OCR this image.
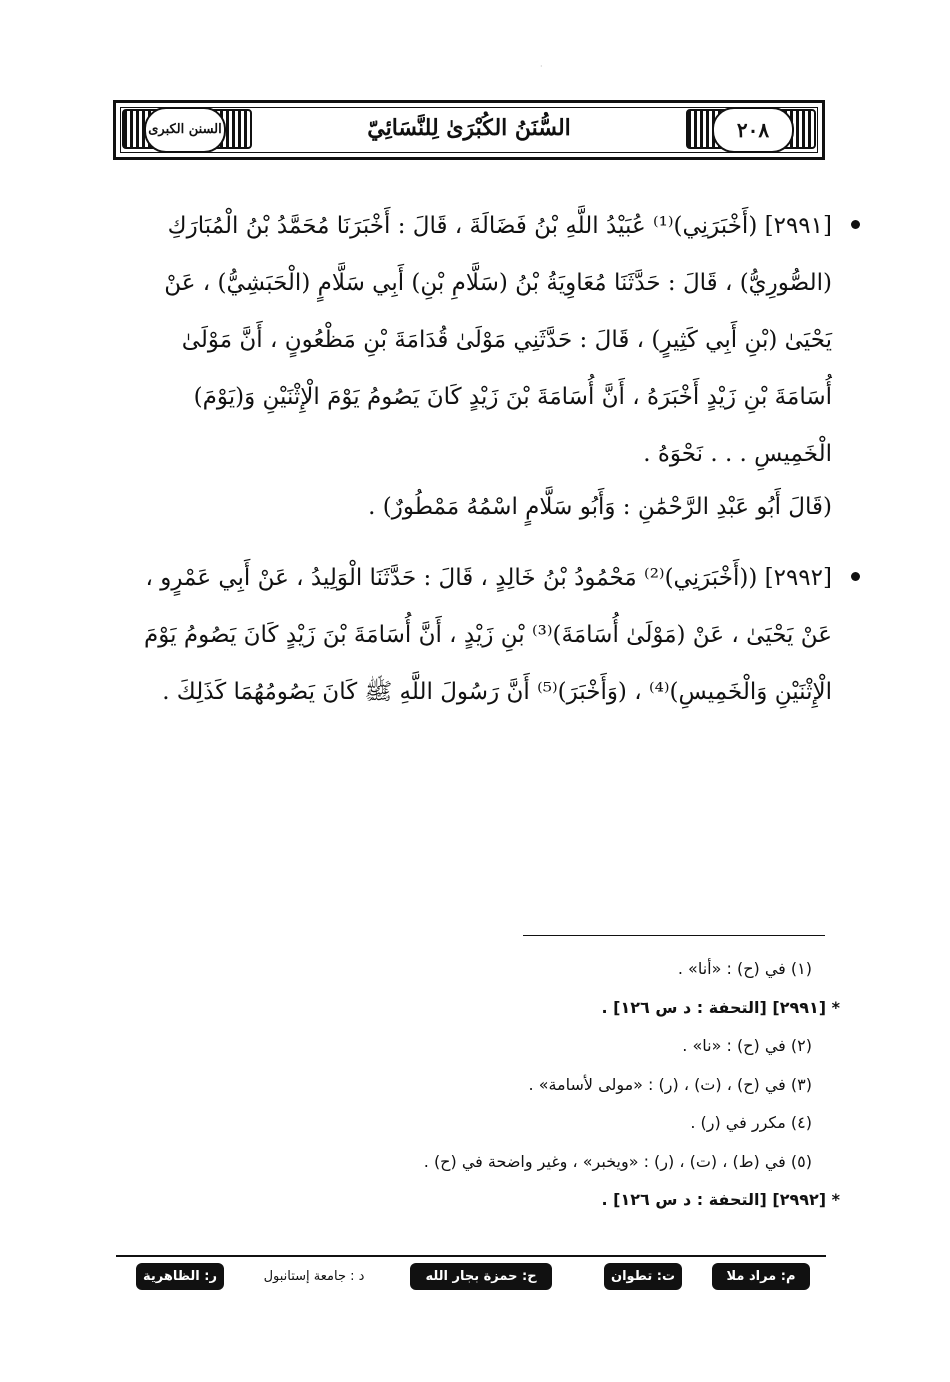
·
السنن الكبرى	٢٠٨
السُّنَنُ الكُبْرَىٰ لِلنَّسَائِيّ
[٢٩٩١] (أَخْبَرَنِي)⁽¹⁾ عُبَيْدُ اللَّهِ بْنُ فَضَالَةَ ، قَالَ : أَخْبَرَنَا مُحَمَّدُ بْنُ الْمُبَارَكِ
(الصُّورِيُّ) ، قَالَ : حَدَّثَنَا مُعَاوِيَةُ بْنُ (سَلَّامِ بْنِ) أَبِي سَلَّامٍ (الْحَبَشِيُّ) ، عَنْ
يَحْيَىٰ (بْنِ أَبِي كَثِيرٍ) ، قَالَ : حَدَّثَنِي مَوْلَىٰ قُدَامَةَ بْنِ مَظْعُونٍ ، أَنَّ مَوْلَىٰ
أُسَامَةَ بْنِ زَيْدٍ أَخْبَرَهُ ، أَنَّ أُسَامَةَ بْنَ زَيْدٍ كَانَ يَصُومُ يَوْمَ الْإِثْنَيْنِ وَ(يَوْمَ)
الْخَمِيسِ . . . نَحْوَهُ .
(قَالَ أَبُو عَبْدِ الرَّحْمَٰنِ : وَأَبُو سَلَّامٍ اسْمُهُ مَمْطُورٌ) .
[٢٩٩٢] ((أَخْبَرَنِي)⁽²⁾ مَحْمُودُ بْنُ خَالِدٍ ، قَالَ : حَدَّثَنَا الْوَلِيدُ ، عَنْ أَبِي عَمْرٍو ،
عَنْ يَحْيَىٰ ، عَنْ (مَوْلَىٰ أُسَامَةَ)⁽³⁾ بْنِ زَيْدٍ ، أَنَّ أُسَامَةَ بْنَ زَيْدٍ كَانَ يَصُومُ يَوْمَ
الْإِثْنَيْنِ وَالْخَمِيسِ)⁽⁴⁾ ، (وَأَخْبَرَ)⁽⁵⁾ أَنَّ رَسُولَ اللَّهِ ﷺ كَانَ يَصُومُهُمَا كَذَلِكَ .

(١) في (ح) : «أنا» .

* [٢٩٩١] [التحفة : د س ١٢٦] .

(٢) في (ح) : «نا» .

(٣) في (ح) ، (ت) ، (ر) : «مولى لأسامة» .

(٤) مكرر في (ر) .

(٥) في (ط) ، (ت) ، (ر) : «ويخبر» ، وغير واضحة في (ح) .

* [٢٩٩٢] [التحفة : د س ١٢٦] .

م: مراد ملا
ت: تطوان
ح: حمزة بجار الله
د : جامعة إستانبول
ر: الظاهرية
